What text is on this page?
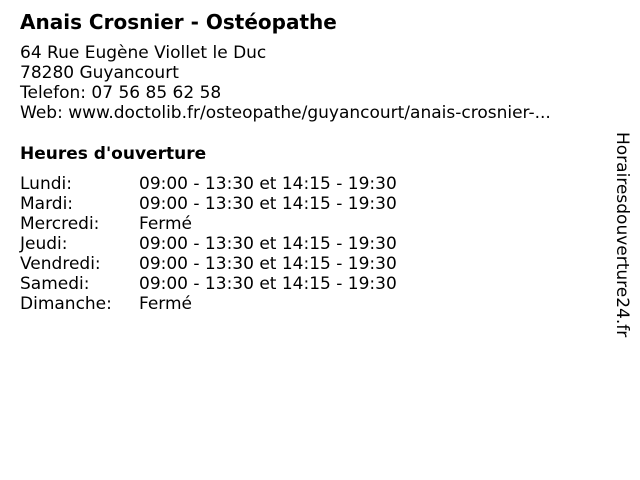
Anais Crosnier - Ostéopathe
64 Rue Eugène Viollet le Duc
78280 Guyancourt
Telefon: 07 56 85 62 58
Web: www.doctolib.fr/osteopathe/guyancourt/anais-crosnier-...
Heures d'ouverture
Lundi:	09:00 - 13:30 et 14:15 - 19:30
Mardi:	09:00 - 13:30 et 14:15 - 19:30
Mercredi: Fermé
Jeudi:	09:00 - 13:30 et 14:15 - 19:30
Vendredi: 09:00 - 13:30 et 14:15 - 19:30
Samedi:	09:00 - 13:30 et 14:15 - 19:30
Dimanche: Fermé	Horairesdouverture24.fr
